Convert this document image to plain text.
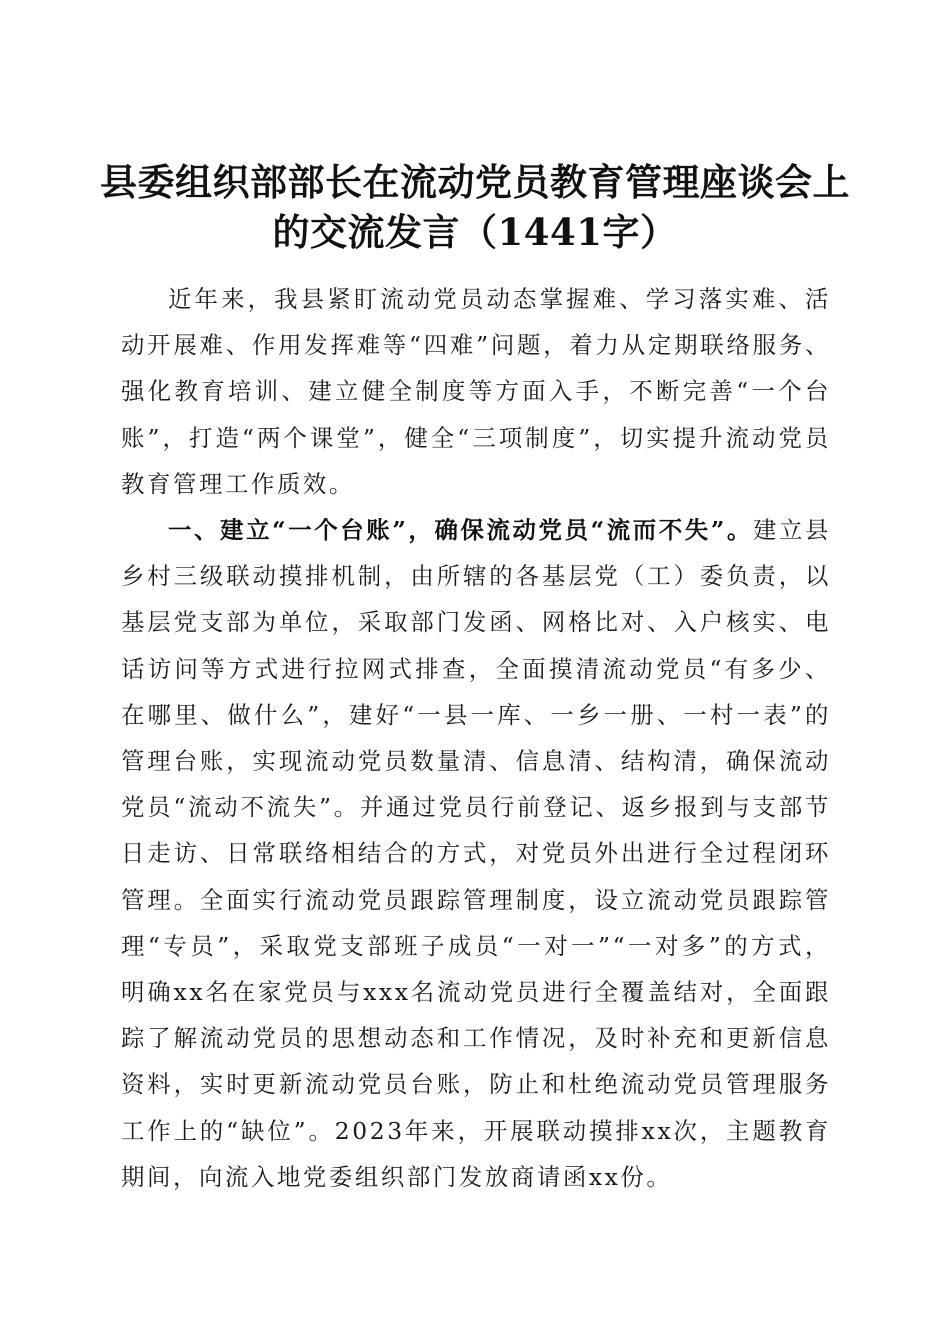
县委组织部部长在流动党员教育管理座谈会上
的交流发言（1441字）

近年来，我县紧盯流动党员动态掌握难、学习落实难、活动开展难、作用发挥难等“四难”问题，着力从定期联络服务、强化教育培训、建立健全制度等方面入手，不断完善“一个台账”，打造“两个课堂”，健全“三项制度”，切实提升流动党员教育管理工作质效。

一、建立“一个台账”，确保流动党员“流而不失”。建立县乡村三级联动摸排机制，由所辖的各基层党（工）委负责，以基层党支部为单位，采取部门发函、网格比对、入户核实、电话访问等方式进行拉网式排查，全面摸清流动党员“有多少、在哪里、做什么”，建好“一县一库、一乡一册、一村一表”的管理台账，实现流动党员数量清、信息清、结构清，确保流动党员“流动不流失”。并通过党员行前登记、返乡报到与支部节日走访、日常联络相结合的方式，对党员外出进行全过程闭环管理。全面实行流动党员跟踪管理制度，设立流动党员跟踪管理“专员”，采取党支部班子成员“一对一”“一对多”的方式，明确xx名在家党员与xxx名流动党员进行全覆盖结对，全面跟踪了解流动党员的思想动态和工作情况，及时补充和更新信息资料，实时更新流动党员台账，防止和杜绝流动党员管理服务工作上的“缺位”。2023年来，开展联动摸排xx次，主题教育期间，向流入地党委组织部门发放商请函xx份。
